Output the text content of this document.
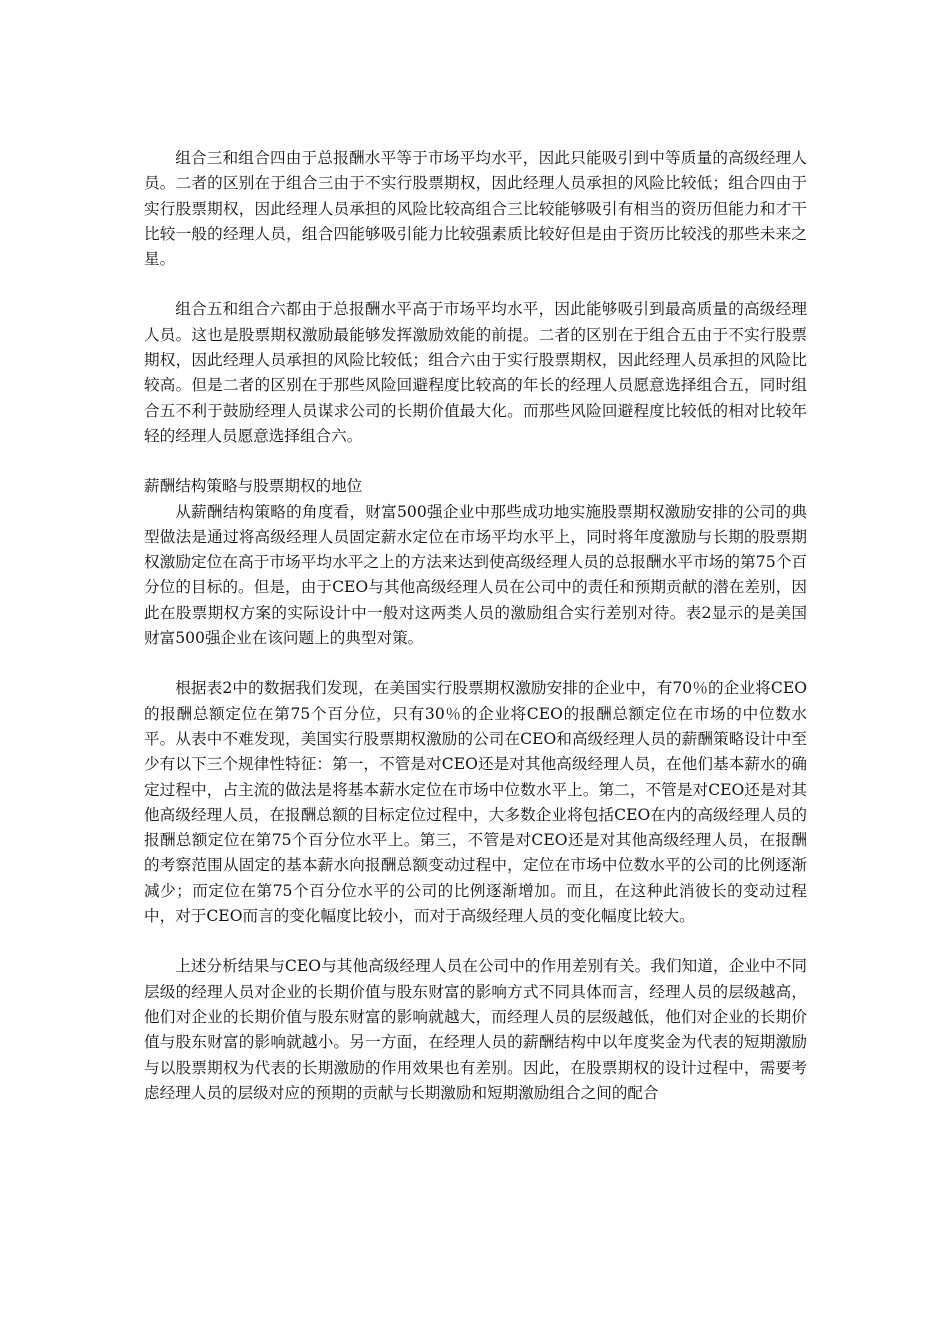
组合三和组合四由于总报酬水平等于市场平均水平，因此只能吸引到中等质量的高级经理人员。二者的区别在于组合三由于不实行股票期权，因此经理人员承担的风险比较低；组合四由于实行股票期权，因此经理人员承担的风险比较高组合三比较能够吸引有相当的资历但能力和才干比较一般的经理人员，组合四能够吸引能力比较强素质比较好但是由于资历比较浅的那些未来之星。

组合五和组合六都由于总报酬水平高于市场平均水平，因此能够吸引到最高质量的高级经理人员。这也是股票期权激励最能够发挥激励效能的前提。二者的区别在于组合五由于不实行股票期权，因此经理人员承担的风险比较低；组合六由于实行股票期权，因此经理人员承担的风险比较高。但是二者的区别在于那些风险回避程度比较高的年长的经理人员愿意选择组合五，同时组合五不利于鼓励经理人员谋求公司的长期价值最大化。而那些风险回避程度比较低的相对比较年轻的经理人员愿意选择组合六。

薪酬结构策略与股票期权的地位

从薪酬结构策略的角度看，财富500强企业中那些成功地实施股票期权激励安排的公司的典型做法是通过将高级经理人员固定薪水定位在市场平均水平上，同时将年度激励与长期的股票期权激励定位在高于市场平均水平之上的方法来达到使高级经理人员的总报酬水平市场的第75个百分位的目标的。但是，由于CEO与其他高级经理人员在公司中的责任和预期贡献的潜在差别，因此在股票期权方案的实际设计中一般对这两类人员的激励组合实行差别对待。表2显示的是美国财富500强企业在该问题上的典型对策。

根据表2中的数据我们发现，在美国实行股票期权激励安排的企业中，有70％的企业将CEO的报酬总额定位在第75个百分位，只有30％的企业将CEO的报酬总额定位在市场的中位数水平。从表中不难发现，美国实行股票期权激励的公司在CEO和高级经理人员的薪酬策略设计中至少有以下三个规律性特征：第一，不管是对CEO还是对其他高级经理人员，在他们基本薪水的确定过程中，占主流的做法是将基本薪水定位在市场中位数水平上。第二，不管是对CEO还是对其他高级经理人员，在报酬总额的目标定位过程中，大多数企业将包括CEO在内的高级经理人员的报酬总额定位在第75个百分位水平上。第三，不管是对CEO还是对其他高级经理人员，在报酬的考察范围从固定的基本薪水向报酬总额变动过程中，定位在市场中位数水平的公司的比例逐渐减少；而定位在第75个百分位水平的公司的比例逐渐增加。而且，在这种此消彼长的变动过程中，对于CEO而言的变化幅度比较小，而对于高级经理人员的变化幅度比较大。

上述分析结果与CEO与其他高级经理人员在公司中的作用差别有关。我们知道，企业中不同层级的经理人员对企业的长期价值与股东财富的影响方式不同具体而言，经理人员的层级越高，他们对企业的长期价值与股东财富的影响就越大，而经理人员的层级越低，他们对企业的长期价值与股东财富的影响就越小。另一方面，在经理人员的薪酬结构中以年度奖金为代表的短期激励与以股票期权为代表的长期激励的作用效果也有差别。因此，在股票期权的设计过程中，需要考虑经理人员的层级对应的预期的贡献与长期激励和短期激励组合之间的配合
